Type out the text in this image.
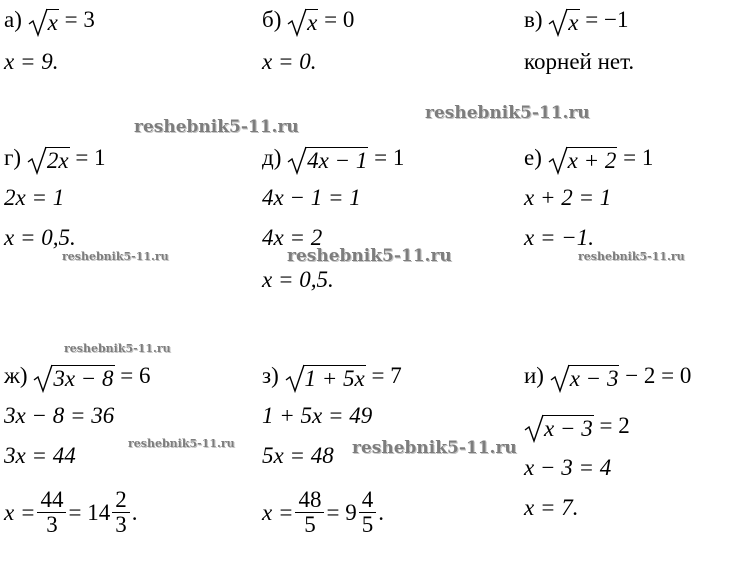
а) x = 3
x = 9.
б) x = 0
x = 0.
в) x = −1
корней нет.
г) 2x = 1
2x = 1
x = 0,5.
д) 4x − 1 = 1
4x − 1 = 1
4x = 2
x = 0,5.
е) x + 2 = 1
x + 2 = 1
x = −1.
ж) 3x − 8 = 6
3x − 8 = 36
3x = 44
$x = \frac{44}{3} = 14 \frac{2}{3}$ .
з) 1 + 5x = 7
1 + 5x = 49
5x = 48
$x = \frac{48}{5} = 9 \frac{4}{5}$ .
и) x − 3 − 2 = 0
x − 3 = 2
x − 3 = 4
x = 7.
reshebnik5-11.ru
reshebnik5-11.ru
reshebnik5-11.ru	reshebnik5-11.ru	reshebnik5-11.ru
reshebnik5-11.ru
reshebnik5-11.ru	reshebnik5-11.ru
